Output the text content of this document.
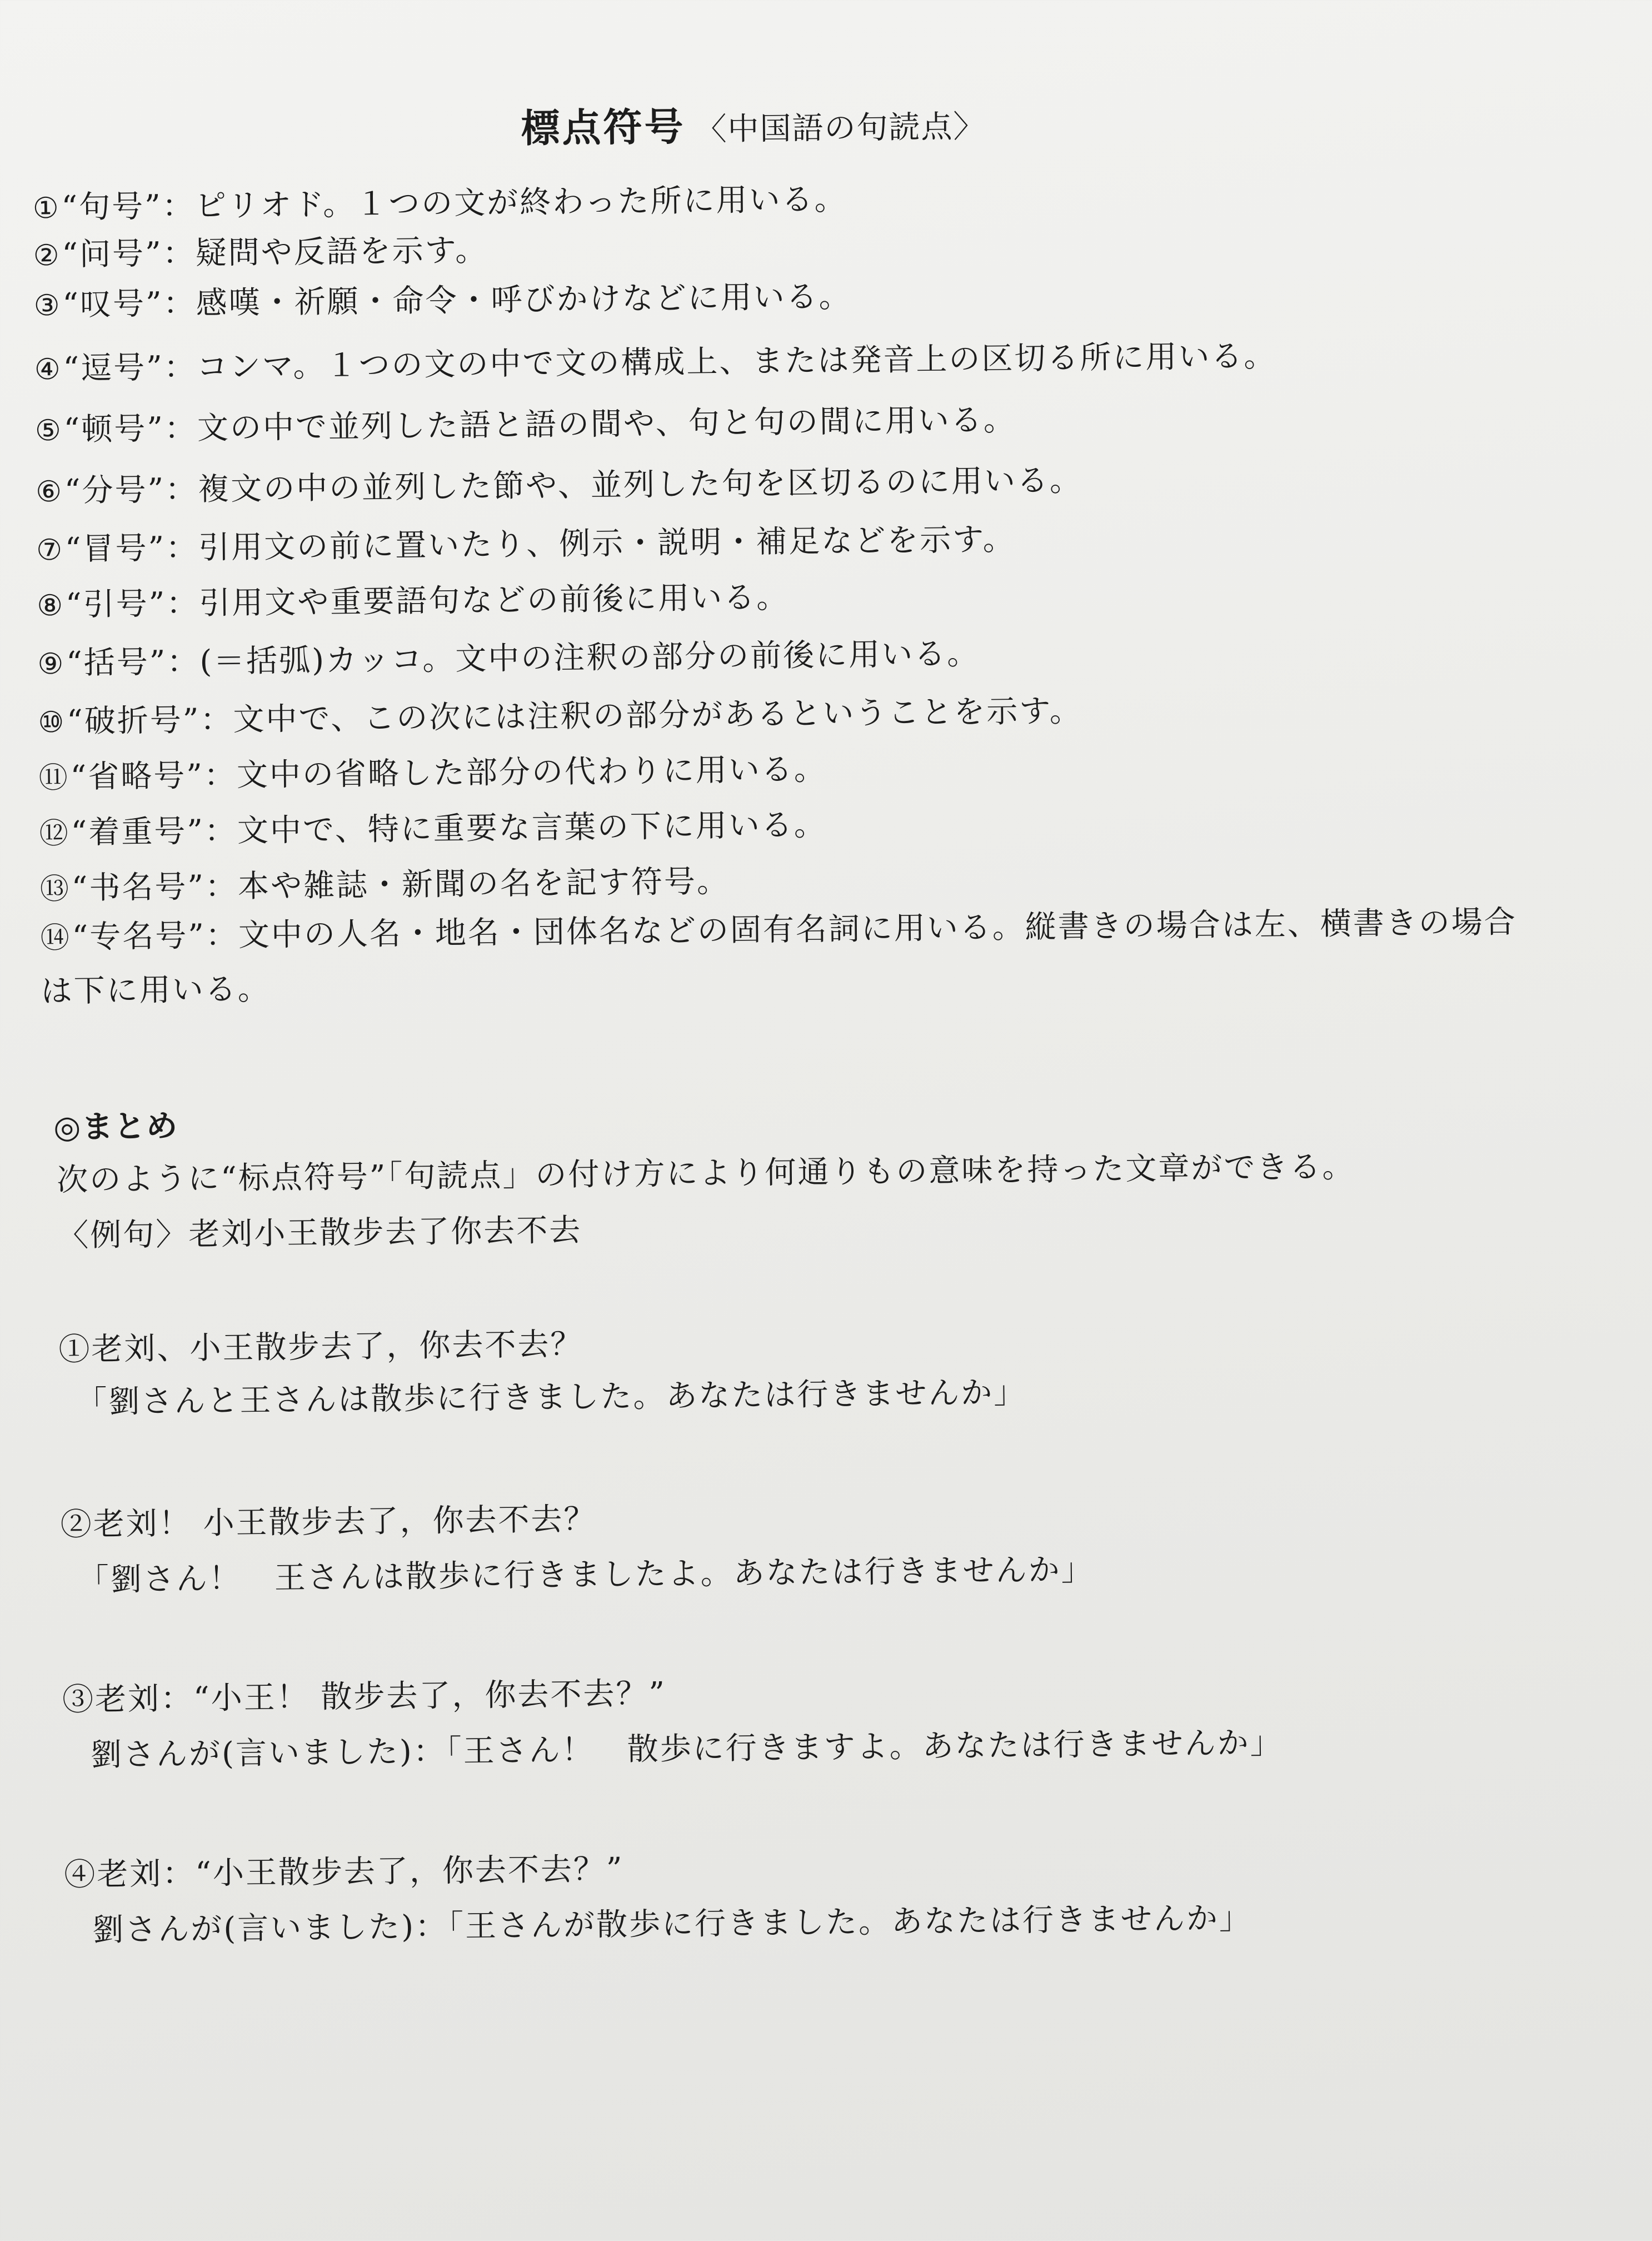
標点符号 〈中国語の句読点〉
①“句号”：ピリオド。１つの文が終わった所に用いる。
②“问号”：疑問や反語を示す。
③“叹号”：感嘆・祈願・命令・呼びかけなどに用いる。
④“逗号”：コンマ。１つの文の中で文の構成上、または発音上の区切る所に用いる。
⑤“顿号”：文の中で並列した語と語の間や、句と句の間に用いる。
⑥“分号”：複文の中の並列した節や、並列した句を区切るのに用いる。
⑦“冒号”：引用文の前に置いたり、例示・説明・補足などを示す。
⑧“引号”：引用文や重要語句などの前後に用いる。
⑨“括号”：(＝括弧)カッコ。文中の注釈の部分の前後に用いる。
⑩“破折号”：文中で、この次には注釈の部分があるということを示す。
⑪“省略号”：文中の省略した部分の代わりに用いる。
⑫“着重号”：文中で、特に重要な言葉の下に用いる。
⑬“书名号”：本や雑誌・新聞の名を記す符号。
⑭“专名号”：文中の人名・地名・団体名などの固有名詞に用いる。縦書きの場合は左、横書きの場合は下に用いる。
◎まとめ
次のように“标点符号”「句読点」の付け方により何通りもの意味を持った文章ができる。
〈例句〉老刘小王散步去了你去不去
①老刘、小王散步去了，你去不去？
「劉さんと王さんは散歩に行きました。あなたは行きませんか」
②老刘！ 小王散步去了，你去不去？
「劉さん！　王さんは散歩に行きましたよ。あなたは行きませんか」
③老刘：“小王！ 散步去了，你去不去？”
劉さんが(言いました)：「王さん！　散歩に行きますよ。あなたは行きませんか」
④老刘：“小王散步去了，你去不去？”
劉さんが(言いました)：「王さんが散歩に行きました。あなたは行きませんか」
